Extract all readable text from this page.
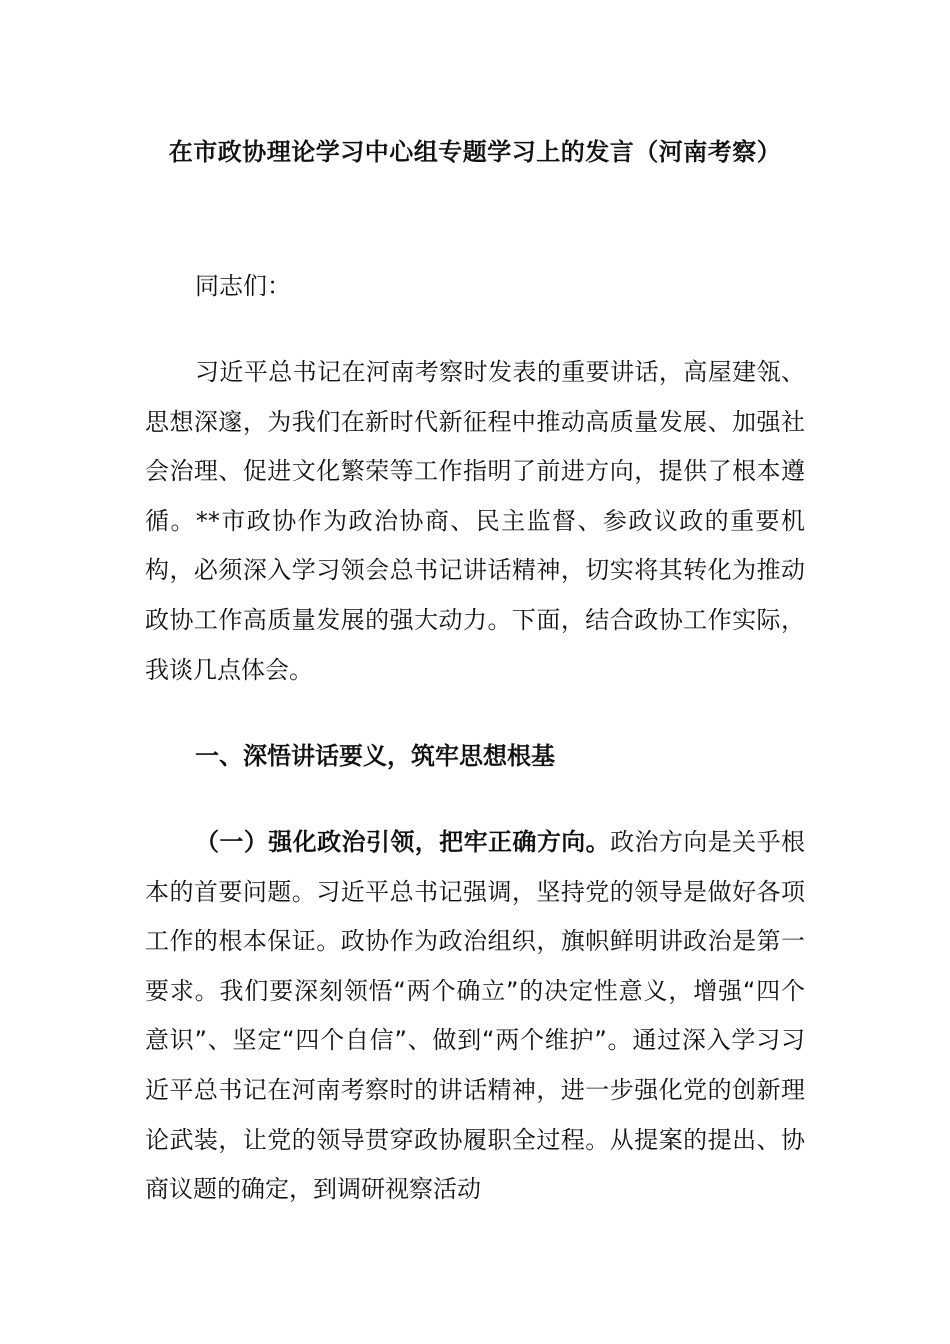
在市政协理论学习中心组专题学习上的发言（河南考察）
同志们：
习近平总书记在河南考察时发表的重要讲话，高屋建瓴、思想深邃，为我们在新时代新征程中推动高质量发展、加强社会治理、促进文化繁荣等工作指明了前进方向，提供了根本遵循。**市政协作为政治协商、民主监督、参政议政的重要机构，必须深入学习领会总书记讲话精神，切实将其转化为推动政协工作高质量发展的强大动力。下面，结合政协工作实际，我谈几点体会。
一、深悟讲话要义，筑牢思想根基
（一）强化政治引领，把牢正确方向。政治方向是关乎根本的首要问题。习近平总书记强调，坚持党的领导是做好各项工作的根本保证。政协作为政治组织，旗帜鲜明讲政治是第一要求。我们要深刻领悟“两个确立”的决定性意义，增强“四个意识”、坚定“四个自信”、做到“两个维护”。通过深入学习习近平总书记在河南考察时的讲话精神，进一步强化党的创新理论武装，让党的领导贯穿政协履职全过程。从提案的提出、协商议题的确定，到调研视察活动
